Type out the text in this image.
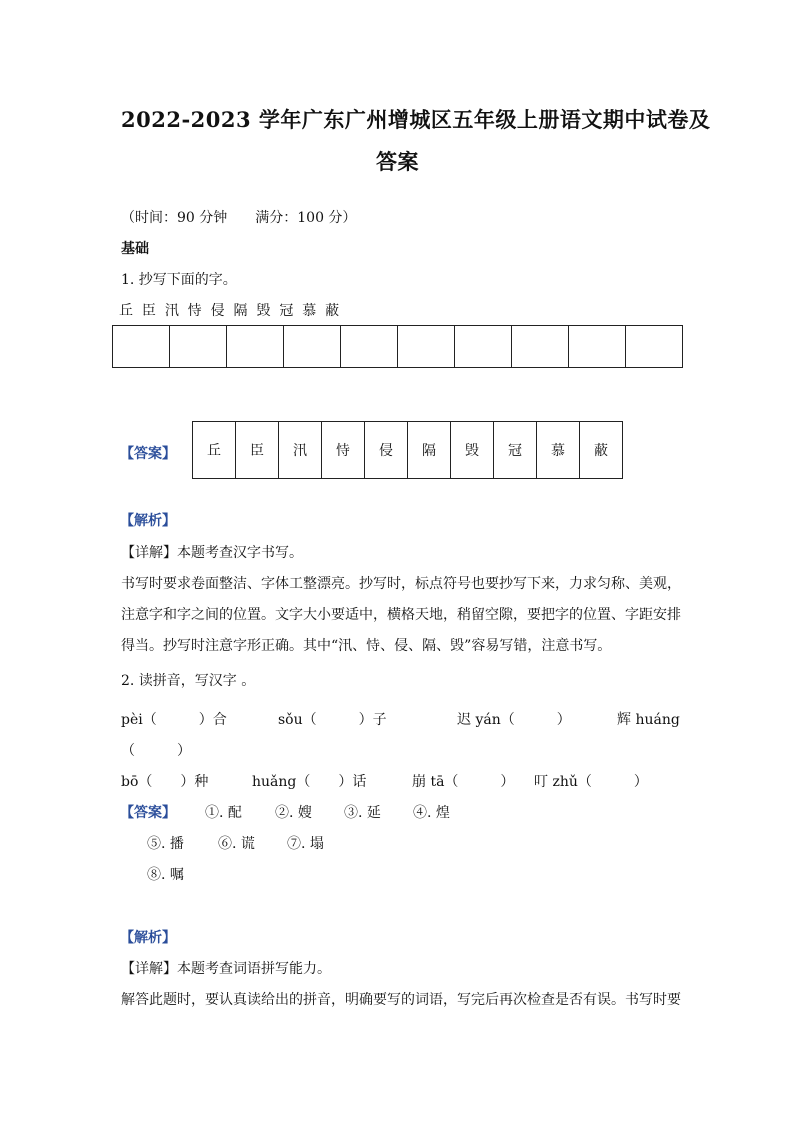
2022-2023 学年广东广州增城区五年级上册语文期中试卷及
答案
（时间：90 分钟　　满分：100 分）
基础
1. 抄写下面的字。
丘 臣 汛 恃 侵 隔 毁 冠 慕 蔽

【答案】 丘	臣	汛	恃	侵	隔	毁	冠	慕	蔽
【解析】
【详解】本题考查汉字书写。
书写时要求卷面整洁、字体工整漂亮。抄写时，标点符号也要抄写下来，力求匀称、美观，
注意字和字之间的位置。文字大小要适中，横格天地，稍留空隙，要把字的位置、字距安排
得当。抄写时注意字形正确。其中“汛、恃、侵、隔、毁”容易写错，注意书写。
2. 读拼音，写汉字 。
pèi（　　　）合	sǒu（　　　）子	迟 yán（　　　）	辉 huáng
（　　　）
bō（　　）种	huǎng（　　）话	崩 tā（　　　） 叮 zhǔ（　　　）
【答案】 ①. 配 ②. 嫂 ③. 延 ④. 煌
⑤. 播 ⑥. 谎 ⑦. 塌
⑧. 嘱
【解析】
【详解】本题考查词语拼写能力。
解答此题时，要认真读给出的拼音，明确要写的词语，写完后再次检查是否有误。书写时要
